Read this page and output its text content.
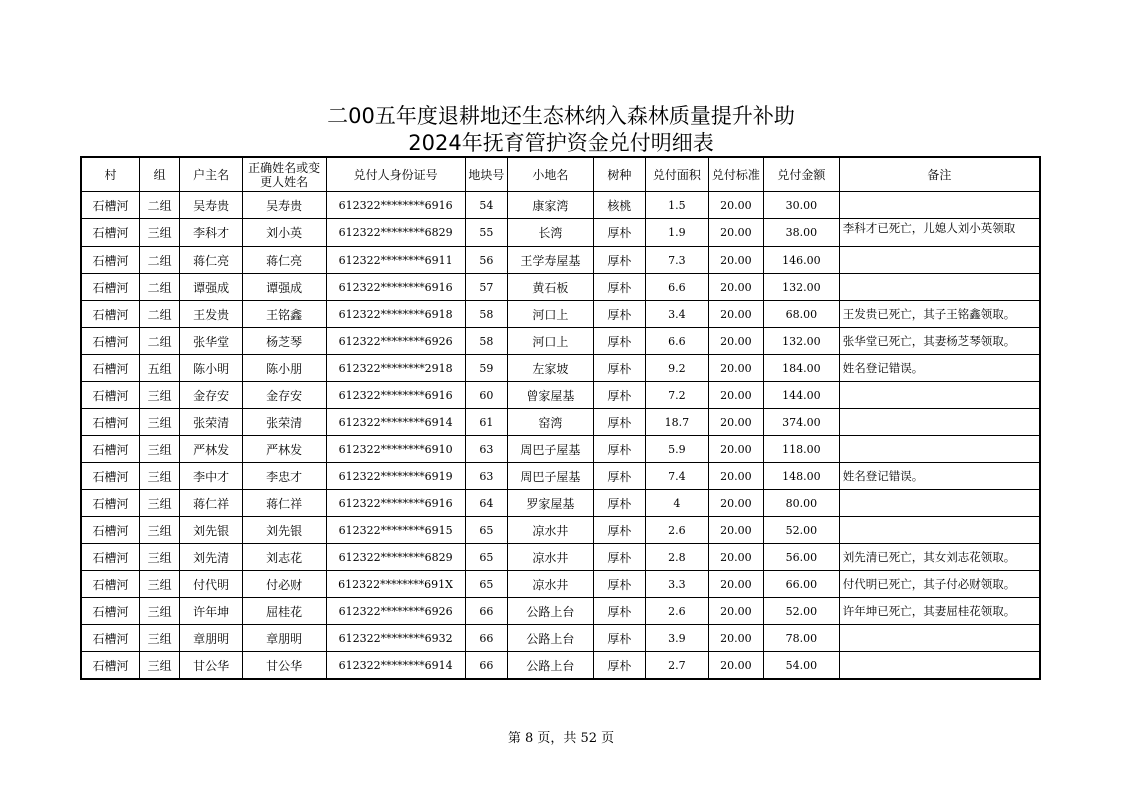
二00五年度退耕地还生态林纳入森林质量提升补助
2024年抚育管护资金兑付明细表
村	组	户主名	正确姓名或变更人姓名	兑付人身份证号	地块号	小地名	树种	兑付面积	兑付标准	兑付金额	备注
石槽河	二组	吴寿贵	吴寿贵	612322********6916	54	康家湾	核桃	1.5	20.00	30.00	
石槽河	三组	李科才	刘小英	612322********6829	55	长湾	厚朴	1.9	20.00	38.00	李科才已死亡，儿媳人刘小英领取
石槽河	二组	蒋仁亮	蒋仁亮	612322********6911	56	王学寿屋基	厚朴	7.3	20.00	146.00	
石槽河	二组	谭强成	谭强成	612322********6916	57	黄石板	厚朴	6.6	20.00	132.00	
石槽河	二组	王发贵	王铭鑫	612322********6918	58	河口上	厚朴	3.4	20.00	68.00	王发贵已死亡，其子王铭鑫领取。
石槽河	二组	张华堂	杨芝琴	612322********6926	58	河口上	厚朴	6.6	20.00	132.00	张华堂已死亡，其妻杨芝琴领取。
石槽河	五组	陈小明	陈小朋	612322********2918	59	左家坡	厚朴	9.2	20.00	184.00	姓名登记错误。
石槽河	三组	金存安	金存安	612322********6916	60	曾家屋基	厚朴	7.2	20.00	144.00	
石槽河	三组	张荣清	张荣清	612322********6914	61	窑湾	厚朴	18.7	20.00	374.00	
石槽河	三组	严林发	严林发	612322********6910	63	周巴子屋基	厚朴	5.9	20.00	118.00	
石槽河	三组	李中才	李忠才	612322********6919	63	周巴子屋基	厚朴	7.4	20.00	148.00	姓名登记错误。
石槽河	三组	蒋仁祥	蒋仁祥	612322********6916	64	罗家屋基	厚朴	4	20.00	80.00	
石槽河	三组	刘先银	刘先银	612322********6915	65	凉水井	厚朴	2.6	20.00	52.00	
石槽河	三组	刘先清	刘志花	612322********6829	65	凉水井	厚朴	2.8	20.00	56.00	刘先清已死亡，其女刘志花领取。
石槽河	三组	付代明	付必财	612322********691X	65	凉水井	厚朴	3.3	20.00	66.00	付代明已死亡，其子付必财领取。
石槽河	三组	许年坤	屈桂花	612322********6926	66	公路上台	厚朴	2.6	20.00	52.00	许年坤已死亡，其妻屈桂花领取。
石槽河	三组	章朋明	章朋明	612322********6932	66	公路上台	厚朴	3.9	20.00	78.00	
石槽河	三组	甘公华	甘公华	612322********6914	66	公路上台	厚朴	2.7	20.00	54.00	
第 8 页，共 52 页
